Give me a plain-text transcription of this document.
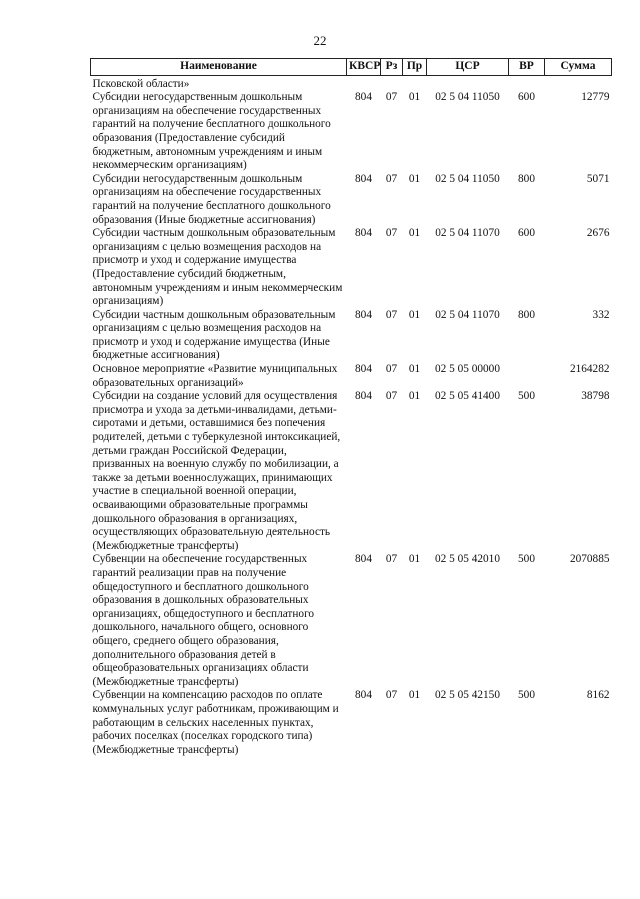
22
Наименование	КВСР	Рз	Пр	ЦСР	ВР	Сумма
Псковской области»						
Субсидии негосударственным дошкольным организациям на обеспечение государственных гарантий на получение бесплатного дошкольного образования (Предоставление субсидий бюджетным, автономным учреждениям и иным некоммерческим организациям)	804	07	01	02 5 04 11050	600	12779
Субсидии негосударственным дошкольным организациям на обеспечение государственных гарантий на получение бесплатного дошкольного образования (Иные бюджетные ассигнования)	804	07	01	02 5 04 11050	800	5071
Субсидии частным дошкольным образовательным организациям с целью возмещения расходов на присмотр и уход и содержание имущества (Предоставление субсидий бюджетным, автономным учреждениям и иным некоммерческим организациям)	804	07	01	02 5 04 11070	600	2676
Субсидии частным дошкольным образовательным организациям с целью возмещения расходов на присмотр и уход и содержание имущества (Иные бюджетные ассигнования)	804	07	01	02 5 04 11070	800	332
Основное мероприятие «Развитие муниципальных образовательных организаций»	804	07	01	02 5 05 00000		2164282
Субсидии на создание условий для осуществления присмотра и ухода за детьми-инвалидами, детьми-сиротами и детьми, оставшимися без попечения родителей, детьми с туберкулезной интоксикацией, детьми граждан Российской Федерации, призванных на военную службу по мобилизации, а также за детьми военнослужащих, принимающих участие в специальной военной операции, осваивающими образовательные программы дошкольного образования в организациях, осуществляющих образовательную деятельность (Межбюджетные трансферты)	804	07	01	02 5 05 41400	500	38798
Субвенции на обеспечение государственных гарантий реализации прав на получение общедоступного и бесплатного дошкольного образования в дошкольных образовательных организациях, общедоступного и бесплатного дошкольного, начального общего, основного общего, среднего общего образования, дополнительного образования детей в общеобразовательных организациях области (Межбюджетные трансферты)	804	07	01	02 5 05 42010	500	2070885
Субвенции на компенсацию расходов по оплате коммунальных услуг работникам, проживающим и работающим в сельских населенных пунктах, рабочих поселках (поселках городского типа) (Межбюджетные трансферты)	804	07	01	02 5 05 42150	500	8162
